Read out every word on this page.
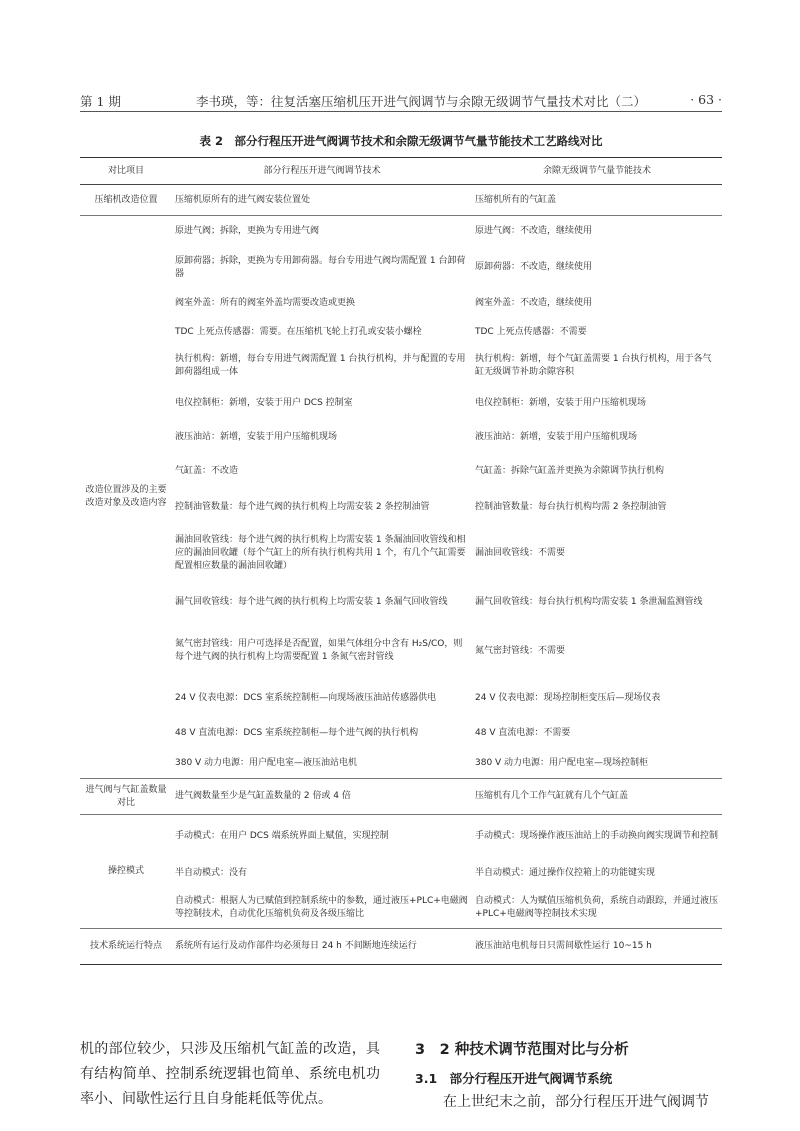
第 1 期	李书瑛，等：往复活塞压缩机压开进气阀调节与余隙无级调节气量技术对比（二）	· 63 ·
表 2　部分行程压开进气阀调节技术和余隙无级调节气量节能技术工艺路线对比
对比项目	部分行程压开进气阀调节技术	余隙无级调节气量节能技术
压缩机改造位置	压缩机原所有的进气阀安装位置处	压缩机所有的气缸盖
改造位置涉及的主要改造对象及改造内容	原进气阀；拆除，更换为专用进气阀	原进气阀：不改造，继续使用
	原卸荷器；拆除，更换为专用卸荷器。每台专用进气阀均需配置 1 台卸荷器	原卸荷器：不改造，继续使用
	阀室外盖：所有的阀室外盖均需要改造或更换	阀室外盖：不改造，继续使用
	TDC 上死点传感器：需要。在压缩机飞轮上打孔或安装小螺栓	TDC 上死点传感器：不需要
	执行机构：新增，每台专用进气阀需配置 1 台执行机构，并与配置的专用卸荷器组成一体	执行机构：新增，每个气缸盖需要 1 台执行机构，用于各气缸无级调节补助余隙容积
	电仪控制柜：新增，安装于用户 DCS 控制室	电仪控制柜：新增，安装于用户压缩机现场
	液压油站：新增，安装于用户压缩机现场	液压油站：新增，安装于用户压缩机现场
	气缸盖：不改造	气缸盖：拆除气缸盖并更换为余隙调节执行机构
	控制油管数量：每个进气阀的执行机构上均需安装 2 条控制油管	控制油管数量：每台执行机构均需 2 条控制油管
	漏油回收管线：每个进气阀的执行机构上均需安装 1 条漏油回收管线和相应的漏油回收罐（每个气缸上的所有执行机构共用 1 个，有几个气缸需要配置相应数量的漏油回收罐）	漏油回收管线：不需要
	漏气回收管线：每个进气阀的执行机构上均需安装 1 条漏气回收管线	漏气回收管线：每台执行机构均需安装 1 条泄漏监测管线
	氮气密封管线：用户可选择是否配置，如果气体组分中含有 H₂S/CO，则每个进气阀的执行机构上均需要配置 1 条氮气密封管线	氮气密封管线：不需要
	24 V 仪表电源：DCS 室系统控制柜—向现场液压油站传感器供电	24 V 仪表电源：现场控制柜变压后—现场仪表
	48 V 直流电源：DCS 室系统控制柜—每个进气阀的执行机构	48 V 直流电源：不需要
	380 V 动力电源：用户配电室—液压油站电机	380 V 动力电源：用户配电室—现场控制柜
进气阀与气缸盖数量对比	进气阀数量至少是气缸盖数量的 2 倍或 4 倍	压缩机有几个工作气缸就有几个气缸盖
操控模式	手动模式：在用户 DCS 端系统界面上赋值，实现控制	手动模式：现场操作液压油站上的手动换向阀实现调节和控制
	半自动模式：没有	半自动模式：通过操作仪控箱上的功能键实现
	自动模式：根据人为已赋值到控制系统中的参数，通过液压+PLC+电磁阀等控制技术，自动优化压缩机负荷及各级压缩比	自动模式：人为赋值压缩机负荷，系统自动跟踪，并通过液压+PLC+电磁阀等控制技术实现
技术系统运行特点	系统所有运行及动作部件均必须每日 24 h 不间断地连续运行	液压油站电机每日只需间歇性运行 10~15 h
机的部位较少，只涉及压缩机气缸盖的改造，具有结构简单、控制系统逻辑也简单、系统电机功率小、间歇性运行且自身能耗低等优点。
3　2 种技术调节范围对比与分析
3.1　部分行程压开进气阀调节系统
在上世纪末之前，部分行程压开进气阀调节
